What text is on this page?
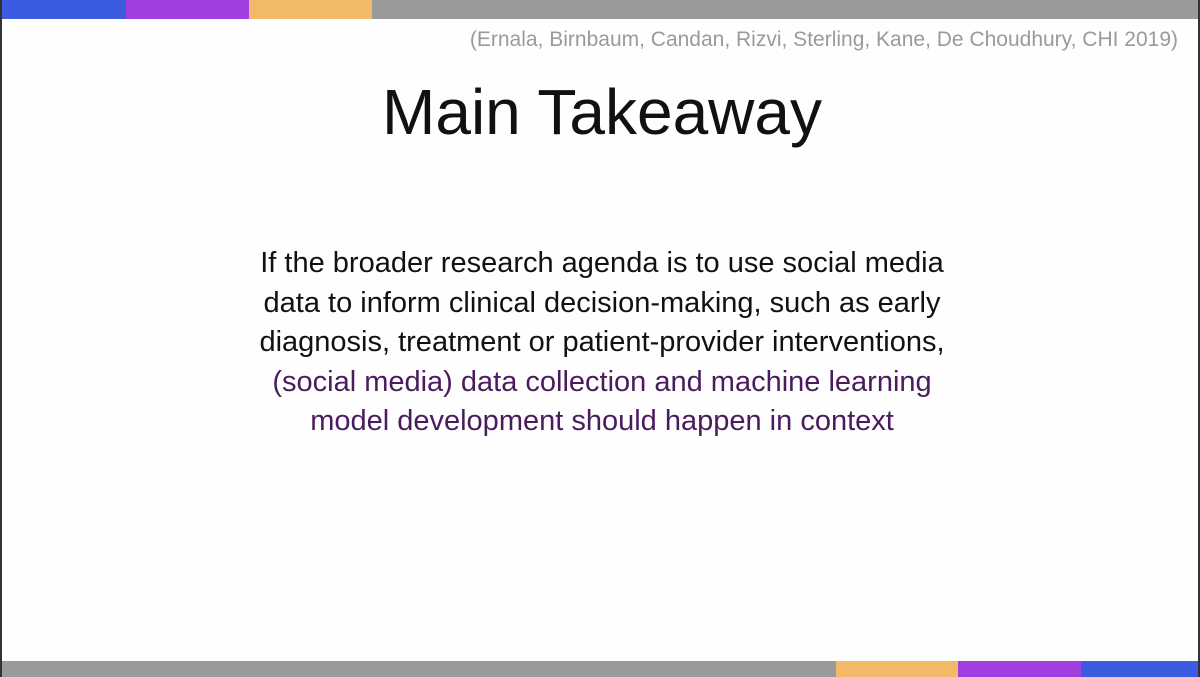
(Ernala, Birnbaum, Candan, Rizvi, Sterling, Kane, De Choudhury, CHI 2019)
Main Takeaway
If the broader research agenda is to use social media data to inform clinical decision-making, such as early diagnosis, treatment or patient-provider interventions, (social media) data collection and machine learning model development should happen in context
